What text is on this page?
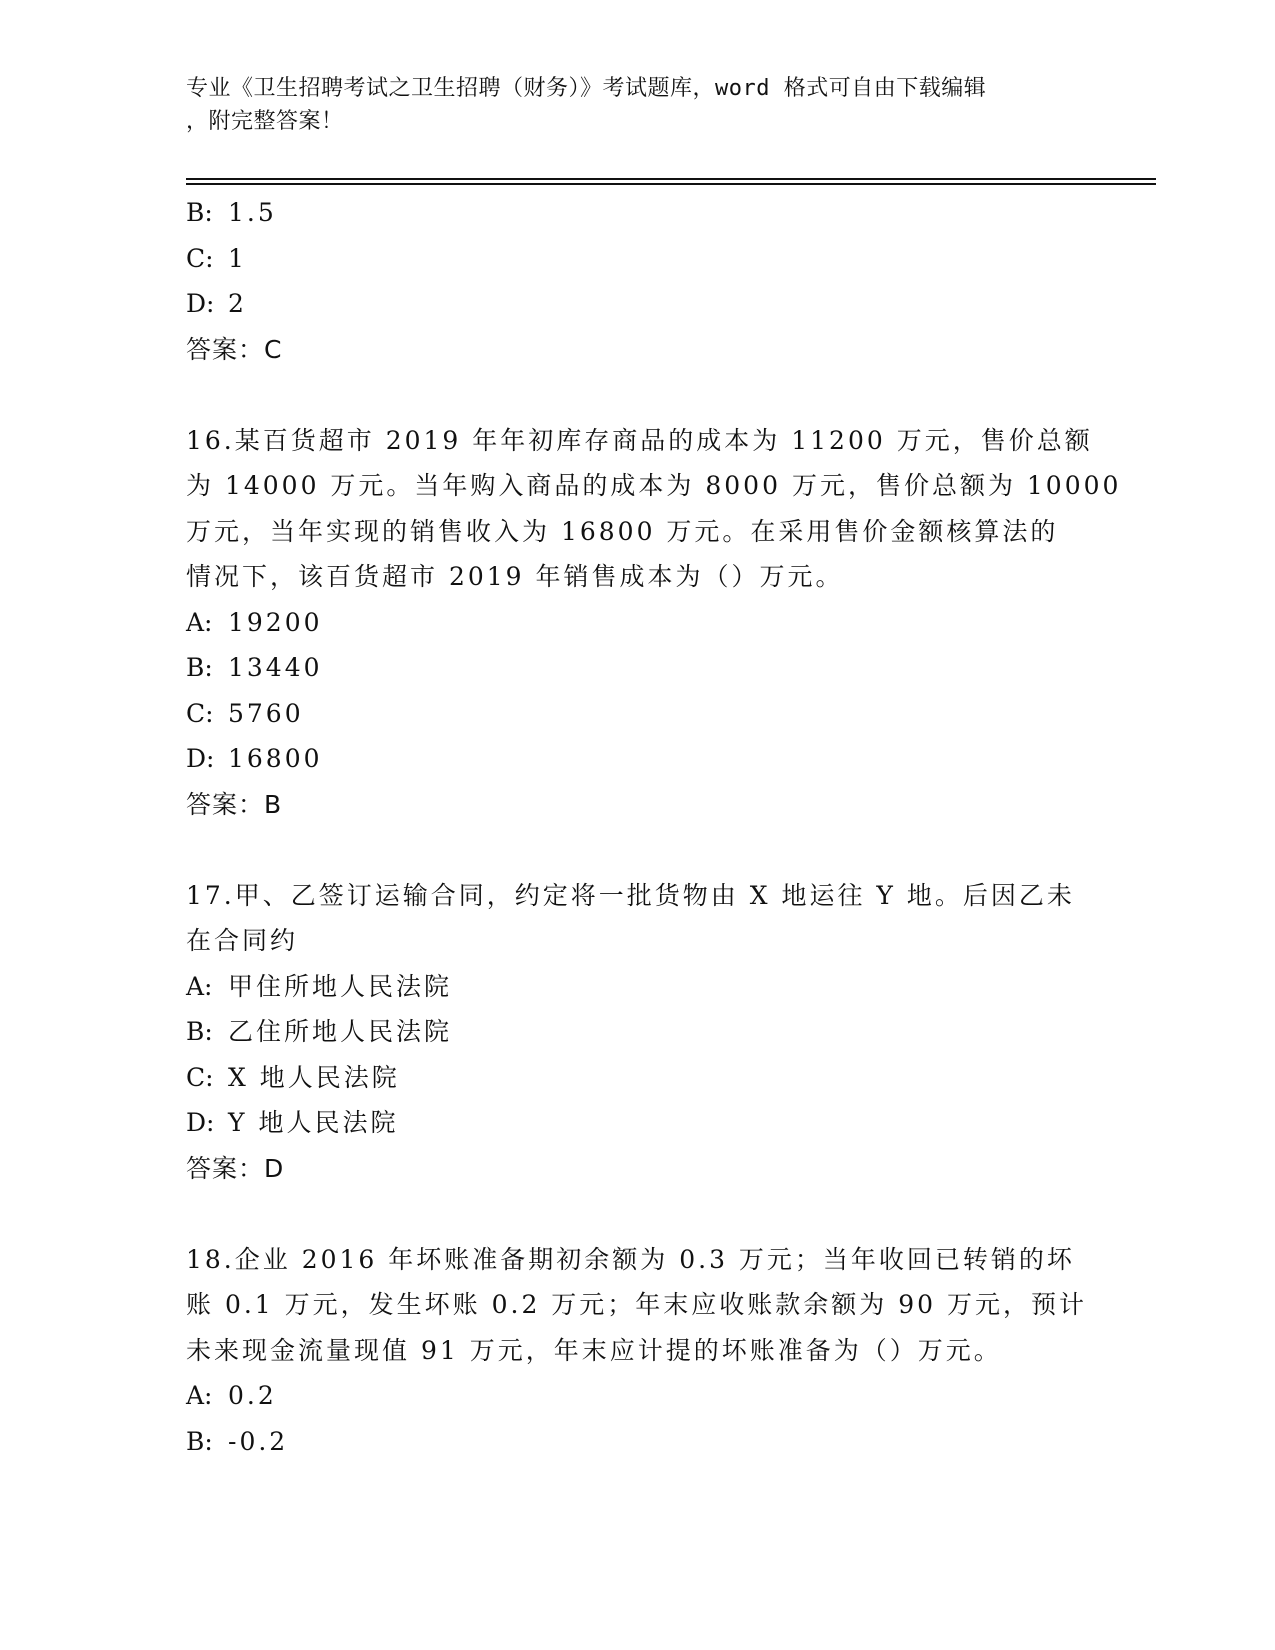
专业《卫生招聘考试之卫生招聘（财务）》考试题库，word 格式可自由下载编辑
，附完整答案！
B: 1.5
C: 1
D: 2
答案：C
16.某百货超市 2019 年年初库存商品的成本为 11200 万元，售价总额
为 14000 万元。当年购入商品的成本为 8000 万元，售价总额为 10000
万元，当年实现的销售收入为 16800 万元。在采用售价金额核算法的
情况下，该百货超市 2019 年销售成本为（）万元。
A: 19200
B: 13440
C: 5760
D: 16800
答案：B
17.甲、乙签订运输合同，约定将一批货物由 X 地运往 Y 地。后因乙未
在合同约
A: 甲住所地人民法院
B: 乙住所地人民法院
C: X 地人民法院
D: Y 地人民法院
答案：D
18.企业 2016 年坏账准备期初余额为 0.3 万元；当年收回已转销的坏
账 0.1 万元，发生坏账 0.2 万元；年末应收账款余额为 90 万元，预计
未来现金流量现值 91 万元，年末应计提的坏账准备为（）万元。
A: 0.2
B: -0.2
